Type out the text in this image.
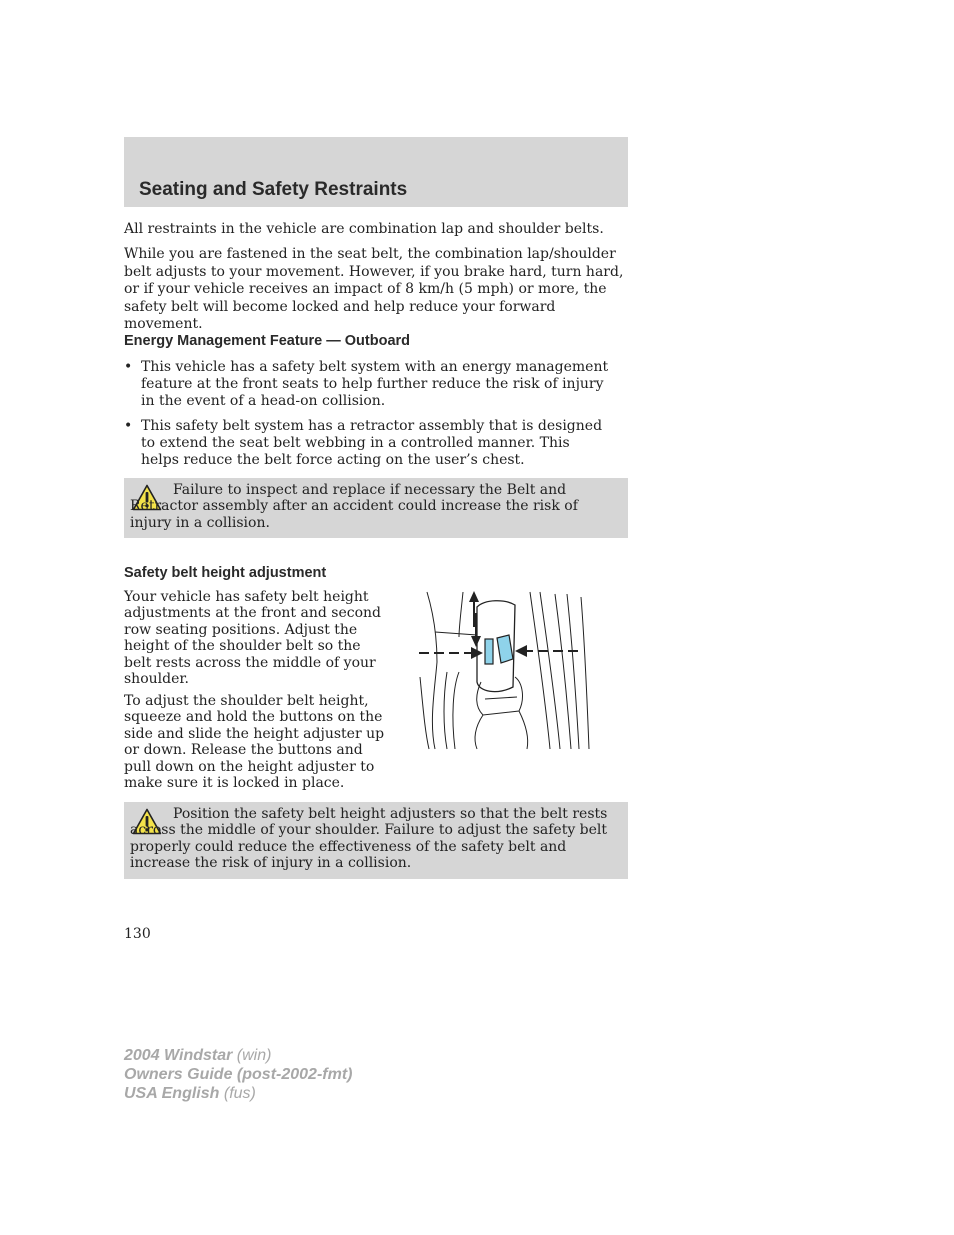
Seating and Safety Restraints

All restraints in the vehicle are combination lap and shoulder belts.

While you are fastened in the seat belt, the combination lap/shoulder belt adjusts to your movement. However, if you brake hard, turn hard, or if your vehicle receives an impact of 8 km/h (5 mph) or more, the safety belt will become locked and help reduce your forward movement.

Energy Management Feature — Outboard
• This vehicle has a safety belt system with an energy management feature at the front seats to help further reduce the risk of injury in the event of a head-on collision.
• This safety belt system has a retractor assembly that is designed to extend the seat belt webbing in a controlled manner. This helps reduce the belt force acting on the user’s chest.

Failure to inspect and replace if necessary the Belt and Retractor assembly after an accident could increase the risk of injury in a collision.

Safety belt height adjustment

Your vehicle has safety belt height adjustments at the front and second row seating positions. Adjust the height of the shoulder belt so the belt rests across the middle of your shoulder.

To adjust the shoulder belt height, squeeze and hold the buttons on the side and slide the height adjuster up or down. Release the buttons and pull down on the height adjuster to make sure it is locked in place.

Position the safety belt height adjusters so that the belt rests across the middle of your shoulder. Failure to adjust the safety belt properly could reduce the effectiveness of the safety belt and increase the risk of injury in a collision.

130

2004 Windstar (win)
Owners Guide (post-2002-fmt)
USA English (fus)
